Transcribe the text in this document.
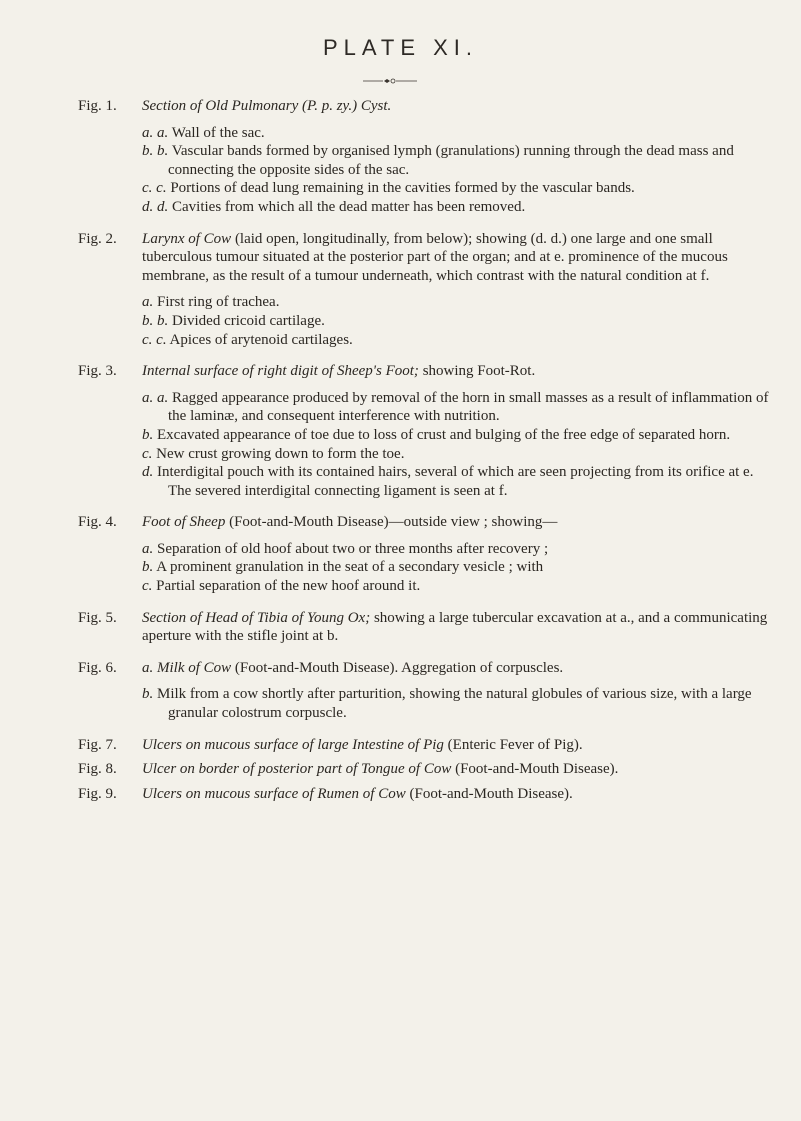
PLATE XI.
Fig. 1.	Section of Old Pulmonary (P. p. zy.) Cyst.
a. a. Wall of the sac.
b. b. Vascular bands formed by organised lymph (granulations) running through the dead mass and connecting the opposite sides of the sac.
c. c. Portions of dead lung remaining in the cavities formed by the vascular bands.
d. d. Cavities from which all the dead matter has been removed.
Fig. 2.	Larynx of Cow (laid open, longitudinally, from below); showing (d. d.) one large and one small tuberculous tumour situated at the posterior part of the organ; and at e. prominence of the mucous membrane, as the result of a tumour underneath, which contrast with the natural condition at f.
a. First ring of trachea.
b. b. Divided cricoid cartilage.
c. c. Apices of arytenoid cartilages.
Fig. 3.	Internal surface of right digit of Sheep's Foot; showing Foot-Rot.
a. a. Ragged appearance produced by removal of the horn in small masses as a result of inflammation of the laminæ, and consequent interference with nutrition.
b. Excavated appearance of toe due to loss of crust and bulging of the free edge of separated horn.
c. New crust growing down to form the toe.
d. Interdigital pouch with its contained hairs, several of which are seen projecting from its orifice at e. The severed interdigital connecting ligament is seen at f.
Fig. 4.	Foot of Sheep (Foot-and-Mouth Disease)—outside view ; showing—
a. Separation of old hoof about two or three months after recovery ;
b. A prominent granulation in the seat of a secondary vesicle ; with
c. Partial separation of the new hoof around it.
Fig. 5.	Section of Head of Tibia of Young Ox; showing a large tubercular excavation at a., and a communicating aperture with the stifle joint at b.
Fig. 6.	a. Milk of Cow (Foot-and-Mouth Disease). Aggregation of corpuscles.
b. Milk from a cow shortly after parturition, showing the natural globules of various size, with a large granular colostrum corpuscle.
Fig. 7.	Ulcers on mucous surface of large Intestine of Pig (Enteric Fever of Pig).
Fig. 8.	Ulcer on border of posterior part of Tongue of Cow (Foot-and-Mouth Disease).
Fig. 9.	Ulcers on mucous surface of Rumen of Cow (Foot-and-Mouth Disease).
